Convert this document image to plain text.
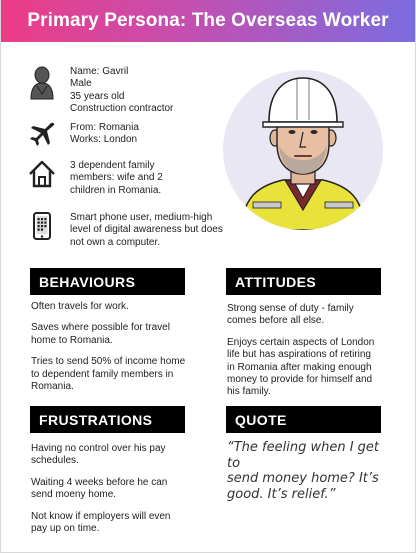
Primary Persona: The Overseas Worker
Name: Gavril
Male
35 years old
Construction contractor
From: Romania
Works: London
3 dependent family
members: wife and 2
children in Romania.
Smart phone user, medium-high
level of digital awareness but does
not own a computer.
BEHAVIOURS	ATTITUDES
FRUSTRATIONS	QUOTE

Often travels for work.

Saves where possible for travel
home to Romania.

Tries to send 50% of income home
to dependent family members in
Romania.

Strong sense of duty - family
comes before all else.

Enjoys certain aspects of London
life but has aspirations of retiring
in Romania after making enough
money to provide for himself and
his family.

Having no control over his pay
schedules.

Waiting 4 weeks before he can
send moeny home.

Not know if employers will even
pay up on time.

“The feeling when I get to
send money home? It’s
good. It’s relief.”
